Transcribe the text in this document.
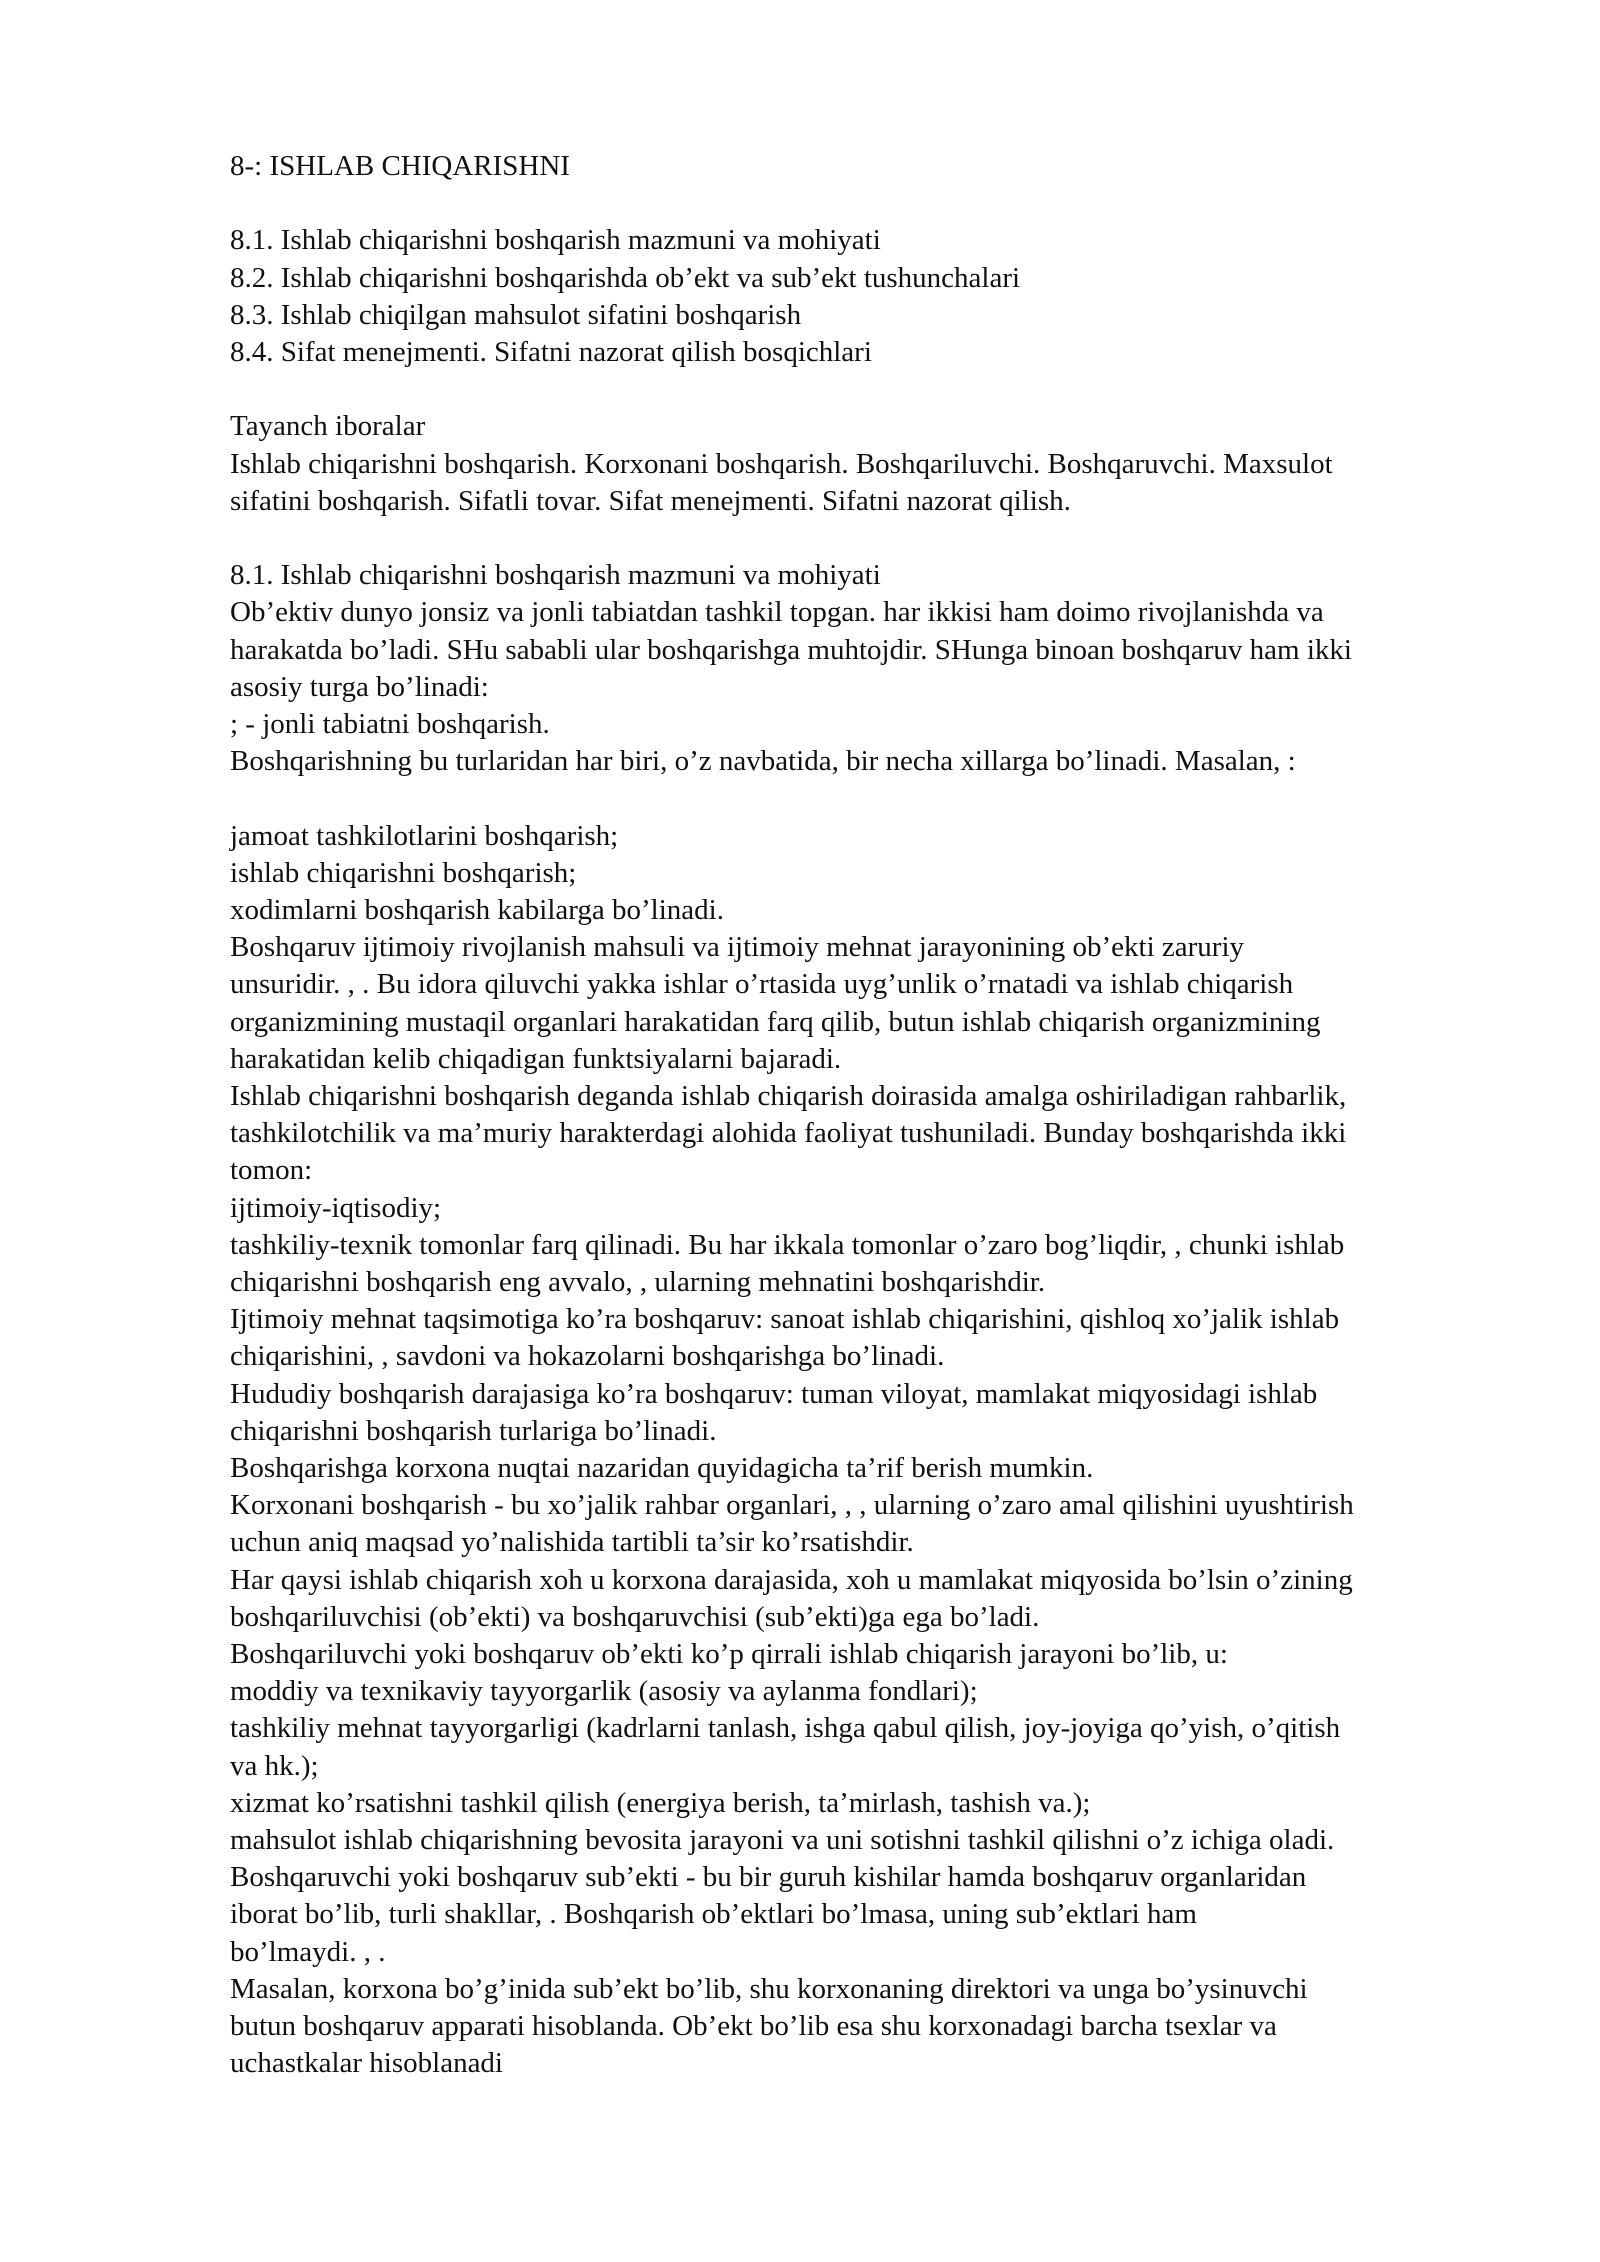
8-: ISHLAB CHIQARISHNI
8.1. Ishlab chiqarishni boshqarish mazmuni va mohiyati
8.2. Ishlab chiqarishni boshqarishda ob’ekt va sub’ekt tushunchalari
8.3. Ishlab chiqilgan mahsulot sifatini boshqarish
8.4. Sifat menejmenti. Sifatni nazorat qilish bosqichlari
Tayanch iboralar
Ishlab chiqarishni boshqarish. Korxonani boshqarish. Boshqariluvchi. Boshqaruvchi. Maxsulot
sifatini boshqarish. Sifatli tovar. Sifat menejmenti. Sifatni nazorat qilish.
8.1. Ishlab chiqarishni boshqarish mazmuni va mohiyati
Ob’ektiv dunyo jonsiz va jonli tabiatdan tashkil topgan. har ikkisi ham doimo rivojlanishda va
harakatda bo’ladi. SHu sababli ular boshqarishga muhtojdir. SHunga binoan boshqaruv ham ikki
asosiy turga bo’linadi:
; - jonli tabiatni boshqarish.
Boshqarishning bu turlaridan har biri, o’z navbatida, bir necha xillarga bo’linadi. Masalan, :
jamoat tashkilotlarini boshqarish;
ishlab chiqarishni boshqarish;
xodimlarni boshqarish kabilarga bo’linadi.
Boshqaruv ijtimoiy rivojlanish mahsuli va ijtimoiy mehnat jarayonining ob’ekti zaruriy
unsuridir. , . Bu idora qiluvchi yakka ishlar o’rtasida uyg’unlik o’rnatadi va ishlab chiqarish
organizmining mustaqil organlari harakatidan farq qilib, butun ishlab chiqarish organizmining
harakatidan kelib chiqadigan funktsiyalarni bajaradi.
Ishlab chiqarishni boshqarish deganda ishlab chiqarish doirasida amalga oshiriladigan rahbarlik,
tashkilotchilik va ma’muriy harakterdagi alohida faoliyat tushuniladi. Bunday boshqarishda ikki
tomon:
ijtimoiy-iqtisodiy;
tashkiliy-texnik tomonlar farq qilinadi. Bu har ikkala tomonlar o’zaro bog’liqdir, , chunki ishlab
chiqarishni boshqarish eng avvalo, , ularning mehnatini boshqarishdir.
Ijtimoiy mehnat taqsimotiga ko’ra boshqaruv: sanoat ishlab chiqarishini, qishloq xo’jalik ishlab
chiqarishini, , savdoni va hokazolarni boshqarishga bo’linadi.
Hududiy boshqarish darajasiga ko’ra boshqaruv: tuman viloyat, mamlakat miqyosidagi ishlab
chiqarishni boshqarish turlariga bo’linadi.
Boshqarishga korxona nuqtai nazaridan quyidagicha ta’rif berish mumkin.
Korxonani boshqarish - bu xo’jalik rahbar organlari, , , ularning o’zaro amal qilishini uyushtirish
uchun aniq maqsad yo’nalishida tartibli ta’sir ko’rsatishdir.
Har qaysi ishlab chiqarish xoh u korxona darajasida, xoh u mamlakat miqyosida bo’lsin o’zining
boshqariluvchisi (ob’ekti) va boshqaruvchisi (sub’ekti)ga ega bo’ladi.
Boshqariluvchi yoki boshqaruv ob’ekti ko’p qirrali ishlab chiqarish jarayoni bo’lib, u:
moddiy va texnikaviy tayyorgarlik (asosiy va aylanma fondlari);
tashkiliy mehnat tayyorgarligi (kadrlarni tanlash, ishga qabul qilish, joy-joyiga qo’yish, o’qitish
va hk.);
xizmat ko’rsatishni tashkil qilish (energiya berish, ta’mirlash, tashish va.);
mahsulot ishlab chiqarishning bevosita jarayoni va uni sotishni tashkil qilishni o’z ichiga oladi.
Boshqaruvchi yoki boshqaruv sub’ekti - bu bir guruh kishilar hamda boshqaruv organlaridan
iborat bo’lib, turli shakllar, . Boshqarish ob’ektlari bo’lmasa, uning sub’ektlari ham
bo’lmaydi. , .
Masalan, korxona bo’g’inida sub’ekt bo’lib, shu korxonaning direktori va unga bo’ysinuvchi
butun boshqaruv apparati hisoblanda. Ob’ekt bo’lib esa shu korxonadagi barcha tsexlar va
uchastkalar hisoblanadi
